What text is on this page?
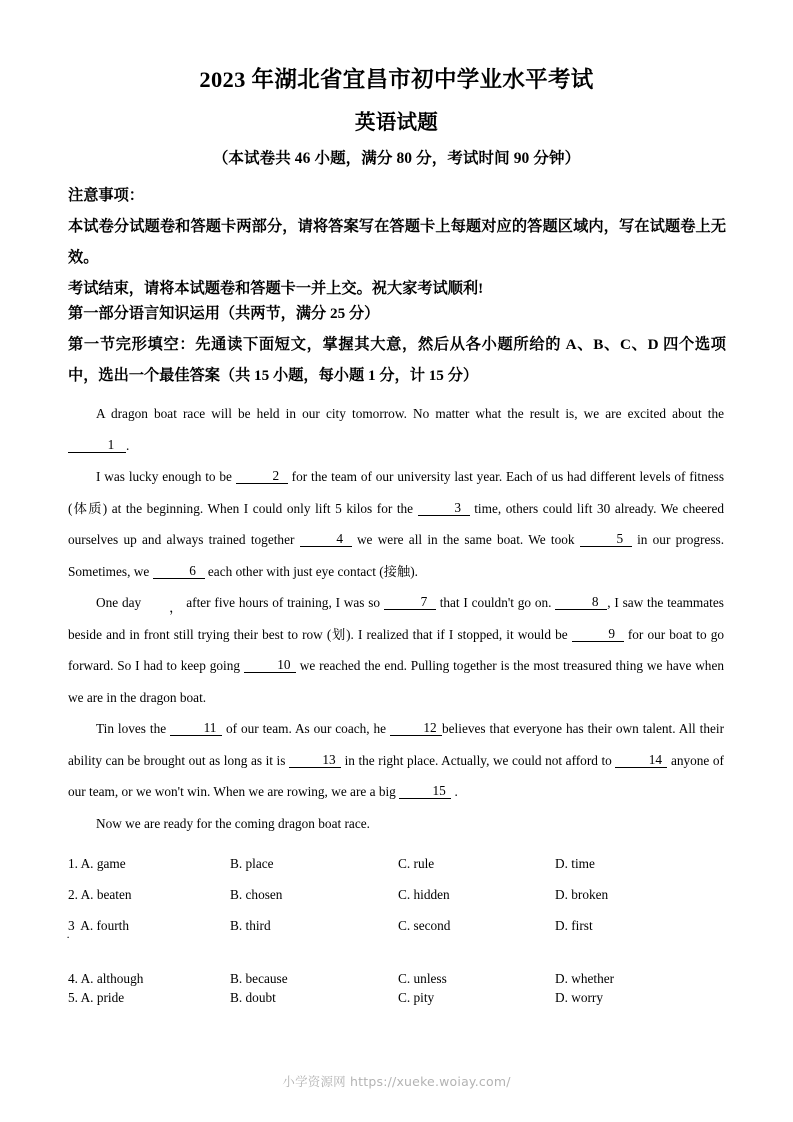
2023 年湖北省宜昌市初中学业水平考试
英语试题
（本试卷共 46 小题，满分 80 分，考试时间 90 分钟）
注意事项：
本试卷分试题卷和答题卡两部分，请将答案写在答题卡上每题对应的答题区域内，写在试题卷上无效。
考试结束，请将本试题卷和答题卡一并上交。祝大家考试顺利!
第一部分语言知识运用（共两节，满分 25 分）
第一节完形填空：先通读下面短文，掌握其大意，然后从各小题所给的 A、B、C、D 四个选项中，选出一个最佳答案（共 15 小题，每小题 1 分，计 15 分）

A dragon boat race will be held in our city tomorrow. No matter what the result is, we are excited about the 1 .

I was lucky enough to be	2 for the team of our university last year. Each of us had different levels of fitness (体质) at the beginning. When I could only lift 5 kilos for the	3 time, others could lift 30 already. We cheered ourselves up and always trained together	4 we were all in the same boat. We took	5 in our progress. Sometimes, we	6 each other with just eye contact (接触).

One day ， after five hours of training, I was so	7 that I couldn't go on.	8 , I saw the teammates beside and in front still trying their best to row (划). I realized that if I stopped, it would be	9 for our boat to go forward. So I had to keep going	10 we reached the end. Pulling together is the most treasured thing we have when we are in the dragon boat.

Tin loves the	11 of our team. As our coach, he	12 believes that everyone has their own talent. All their ability can be brought out as long as it is	13 in the right place. Actually, we could not afford to	14 anyone of our team, or we won't win. When we are rowing, we are a big	15 .

Now we are ready for the coming dragon boat race.

1. A. game	B. place	C. rule	D. time
2. A. beaten	B. chosen	C. hidden	D. broken
3. A. fourth	B. third	C. second	D. first
4. A. although	B. because	C. unless	D. whether
5. A. pride	B. doubt	C. pity	D. worry
小学资源网 https://xueke.woiay.com/
